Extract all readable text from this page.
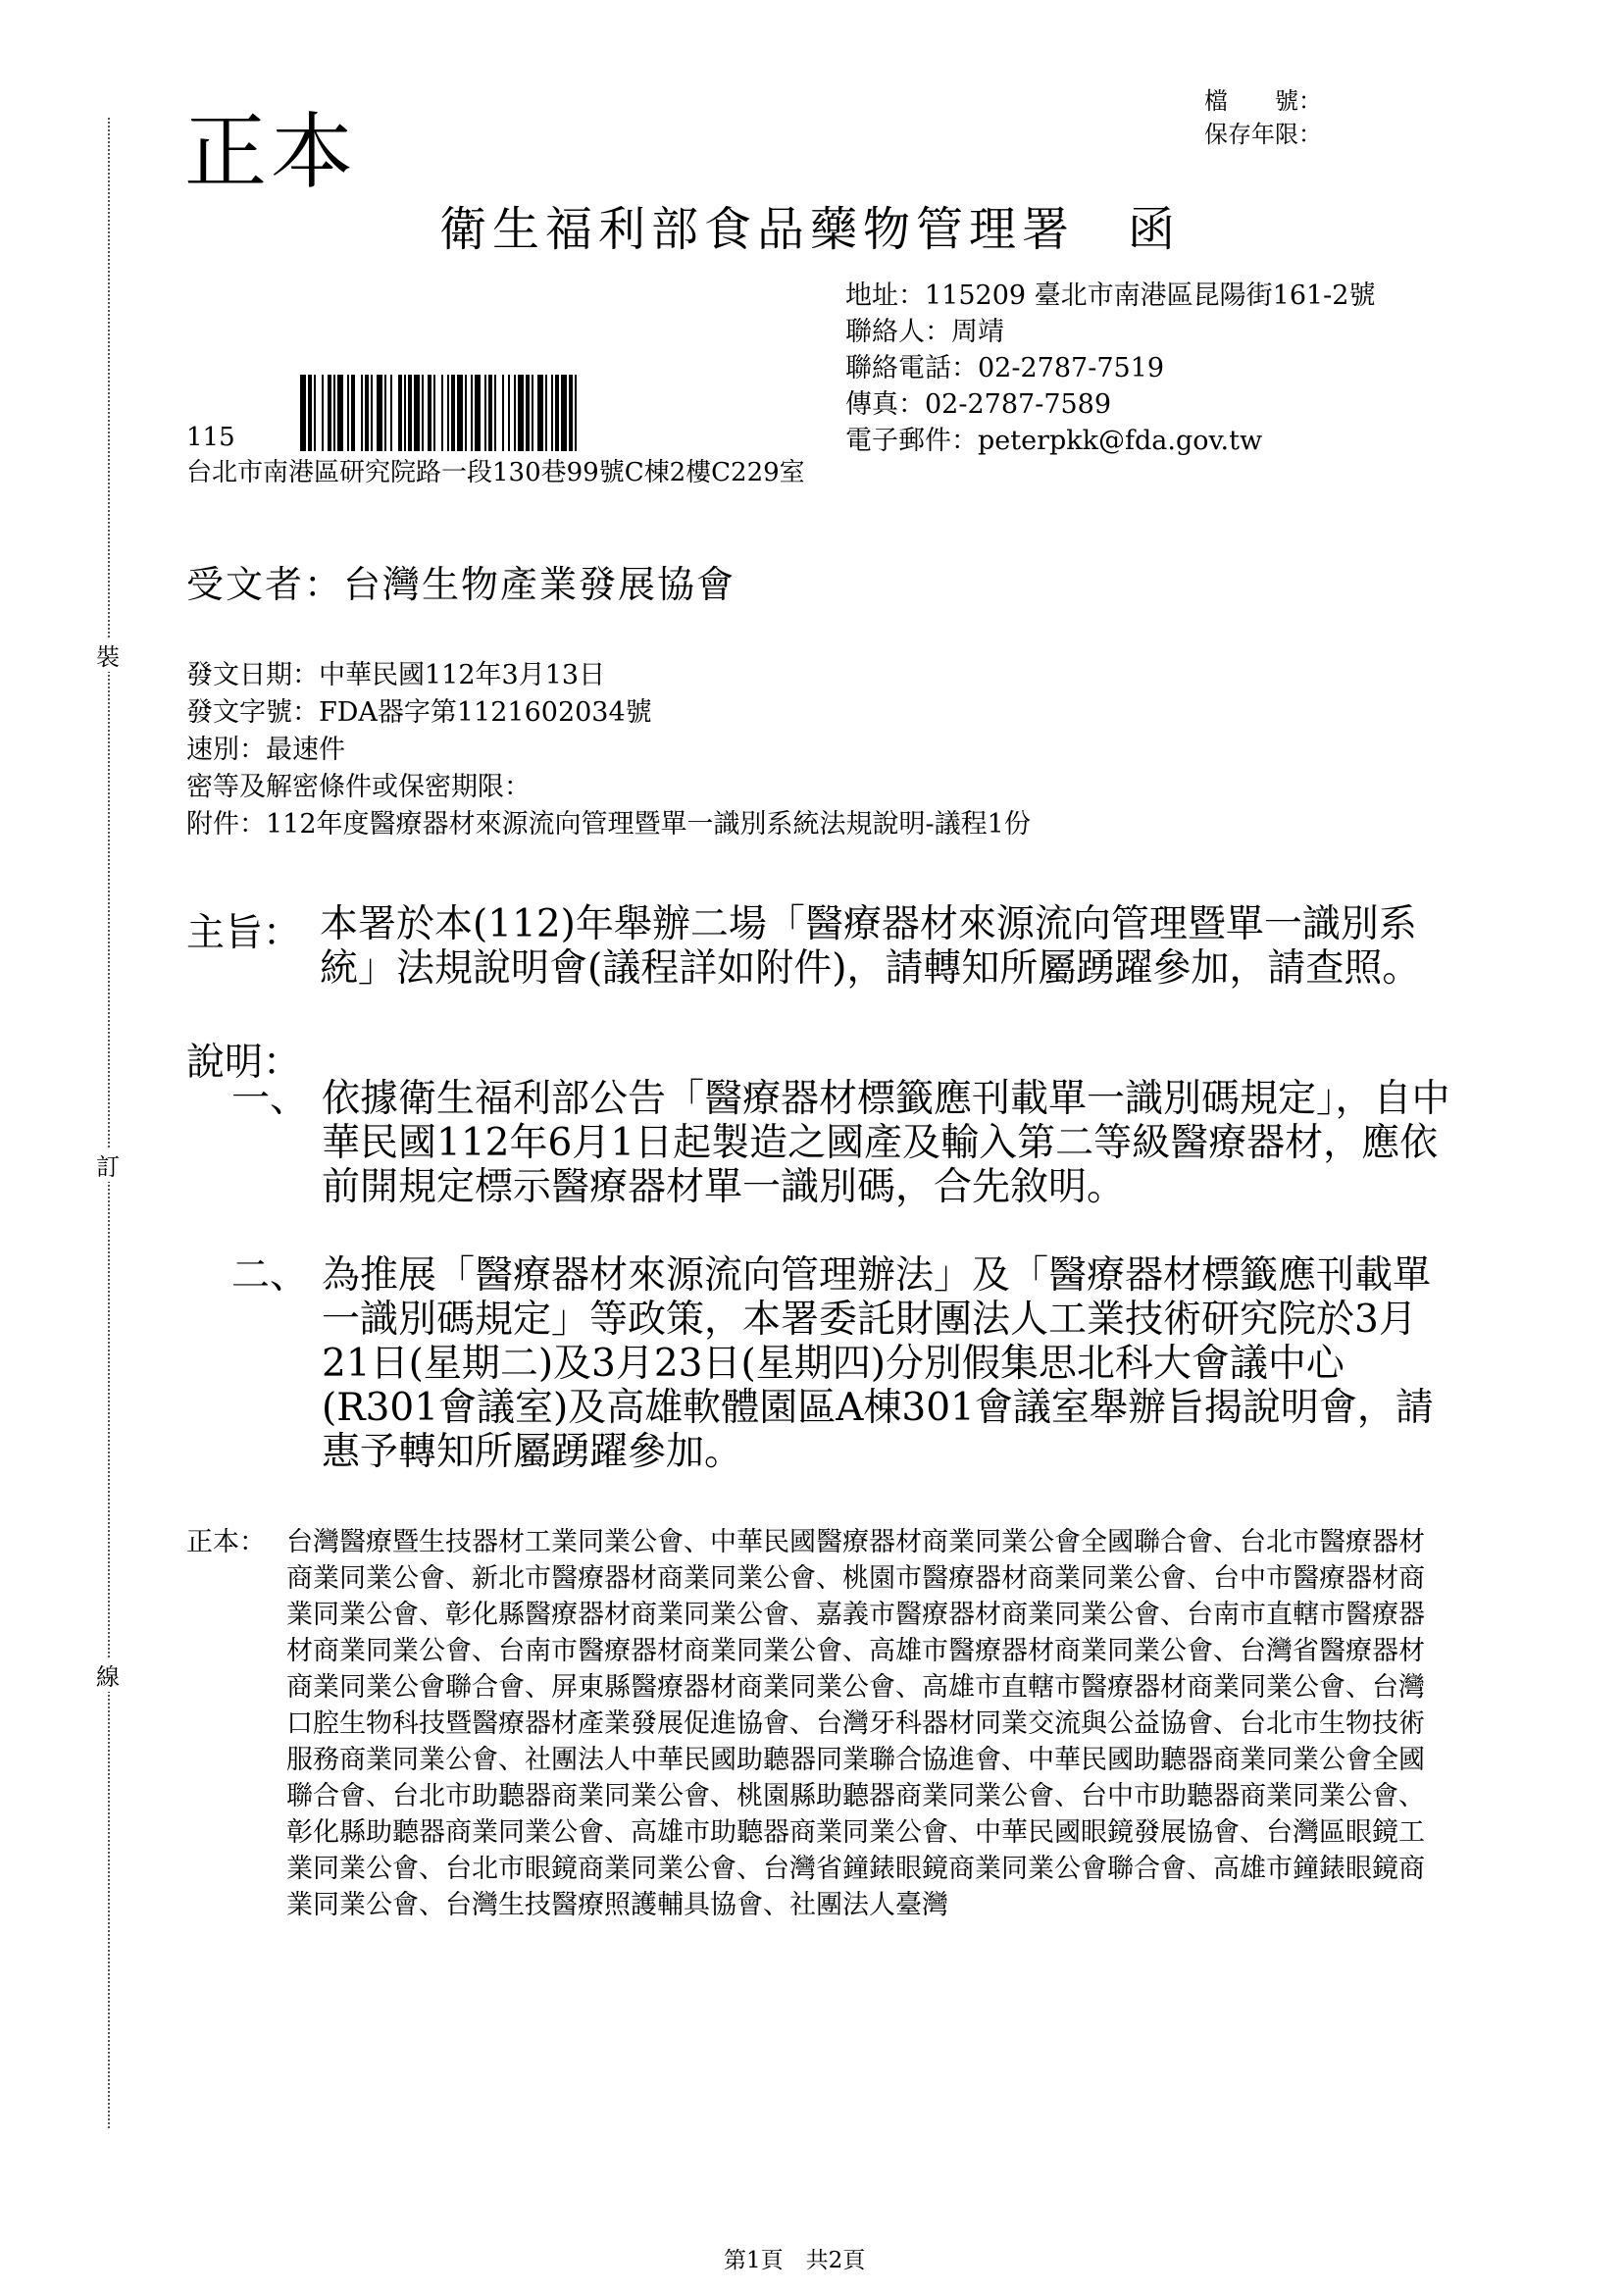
裝
訂
線
正本
檔　　號：
保存年限：
衛生福利部食品藥物管理署　函
地址：115209 臺北市南港區昆陽街161-2號
聯絡人：周靖
聯絡電話：02-2787-7519
傳真：02-2787-7589
電子郵件：peterpkk@fda.gov.tw
115
台北市南港區研究院路一段130巷99號C棟2樓C229室
受文者：台灣生物產業發展協會
發文日期：中華民國112年3月13日
發文字號：FDA器字第1121602034號
速別：最速件
密等及解密條件或保密期限：
附件：112年度醫療器材來源流向管理暨單一識別系統法規說明-議程1份
主旨： 本署於本(112)年舉辦二場「醫療器材來源流向管理暨單一識別系統」法規說明會(議程詳如附件)，請轉知所屬踴躍參加，請查照。
說明：
一、 依據衛生福利部公告「醫療器材標籤應刊載單一識別碼規定」，自中華民國112年6月1日起製造之國產及輸入第二等級醫療器材，應依前開規定標示醫療器材單一識別碼，合先敘明。
二、 為推展「醫療器材來源流向管理辦法」及「醫療器材標籤應刊載單一識別碼規定」等政策，本署委託財團法人工業技術研究院於3月21日(星期二)及3月23日(星期四)分別假集思北科大會議中心(R301會議室)及高雄軟體園區A棟301會議室舉辦旨揭說明會，請惠予轉知所屬踴躍參加。
正本： 台灣醫療暨生技器材工業同業公會、中華民國醫療器材商業同業公會全國聯合會、台北市醫療器材商業同業公會、新北市醫療器材商業同業公會、桃園市醫療器材商業同業公會、台中市醫療器材商業同業公會、彰化縣醫療器材商業同業公會、嘉義市醫療器材商業同業公會、台南市直轄市醫療器材商業同業公會、台南市醫療器材商業同業公會、高雄市醫療器材商業同業公會、台灣省醫療器材商業同業公會聯合會、屏東縣醫療器材商業同業公會、高雄市直轄市醫療器材商業同業公會、台灣口腔生物科技暨醫療器材產業發展促進協會、台灣牙科器材同業交流與公益協會、台北市生物技術服務商業同業公會、社團法人中華民國助聽器同業聯合協進會、中華民國助聽器商業同業公會全國聯合會、台北市助聽器商業同業公會、桃園縣助聽器商業同業公會、台中市助聽器商業同業公會、彰化縣助聽器商業同業公會、高雄市助聽器商業同業公會、中華民國眼鏡發展協會、台灣區眼鏡工業同業公會、台北市眼鏡商業同業公會、台灣省鐘錶眼鏡商業同業公會聯合會、高雄市鐘錶眼鏡商業同業公會、台灣生技醫療照護輔具協會、社團法人臺灣
第1頁　共2頁
